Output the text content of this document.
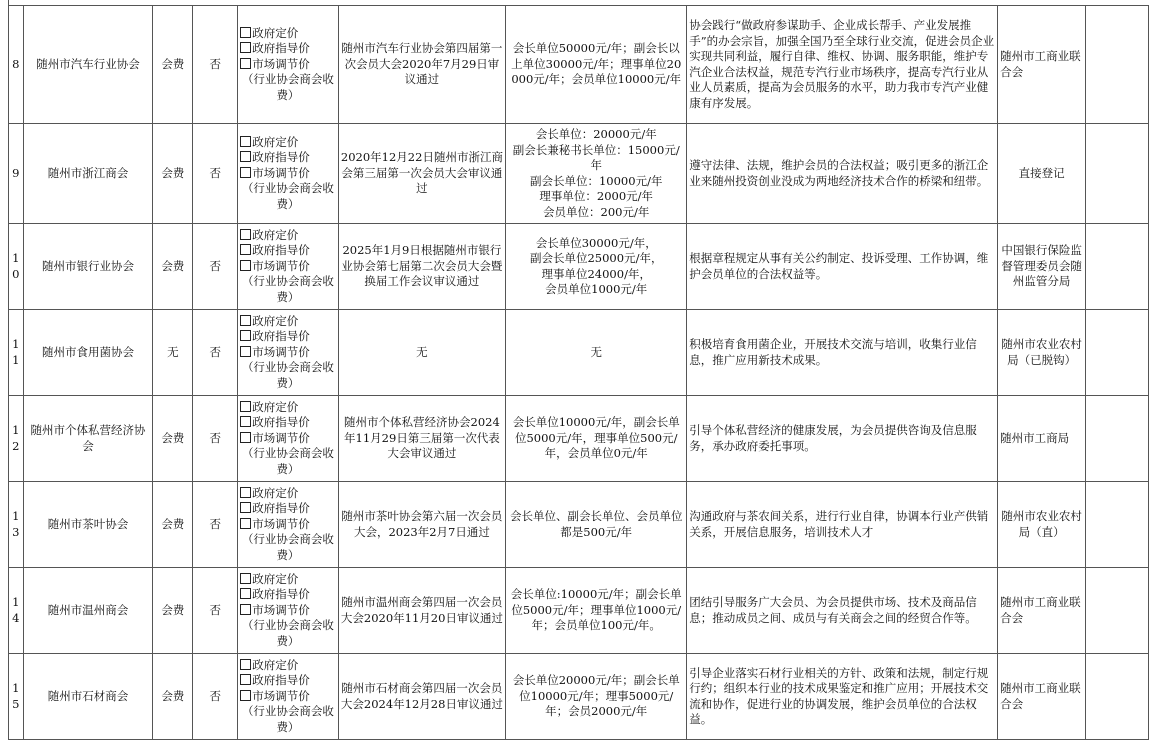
8	随州市汽车行业协会	会费	否	政府定价
政府指导价
市场调节价
（行业协会商会收费）	随州市汽车行业协会第四届第一次会员大会2020年7月29日审议通过	会长单位50000元/年；副会长以上单位30000元/年；理事单位20000元/年；会员单位10000元/年	协会践行“做政府参谋助手、企业成长帮手、产业发展推手”的办会宗旨，加强全国乃至全球行业交流，促进会员企业实现共同利益，履行自律、维权、协调、服务职能，维护专汽企业合法权益，规范专汽行业市场秩序，提高专汽行业从业人员素质，提高为会员服务的水平，助力我市专汽产业健康有序发展。	随州市工商业联合会	
9	随州市浙江商会	会费	否	政府定价
政府指导价
市场调节价
（行业协会商会收费）	2020年12月22日随州市浙江商会第三届第一次会员大会审议通过	会长单位：20000元/年
副会长兼秘书长单位：15000元/年
副会长单位：10000元/年
理事单位：2000元/年
会员单位：200元/年	遵守法律、法规，维护会员的合法权益；吸引更多的浙江企业来随州投资创业没成为两地经济技术合作的桥梁和纽带。	直接登记	
10	随州市银行业协会	会费	否	政府定价
政府指导价
市场调节价
（行业协会商会收费）	2025年1月9日根据随州市银行业协会第七届第二次会员大会暨换届工作会议审议通过	会长单位30000元/年，
副会长单位25000元/年，
理事单位24000/年，
会员单位1000元/年	根据章程规定从事有关公约制定、投诉受理、工作协调，维护会员单位的合法权益等。	中国银行保险监督管理委员会随州监管分局	
11	随州市食用菌协会	无	否	政府定价
政府指导价
市场调节价
（行业协会商会收费）	无	无	积极培育食用菌企业，开展技术交流与培训，收集行业信息，推广应用新技术成果。	随州市农业农村局（已脱钩）	
12	随州市个体私营经济协会	会费	否	政府定价
政府指导价
市场调节价
（行业协会商会收费）	随州市个体私营经济协会2024年11月29日第三届第一次代表大会审议通过	会长单位10000元/年，副会长单位5000元/年，理事单位500元/年，会员单位0元/年	引导个体私营经济的健康发展，为会员提供咨询及信息服务，承办政府委托事项。	随州市工商局	
13	随州市茶叶协会	会费	否	政府定价
政府指导价
市场调节价
（行业协会商会收费）	随州市茶叶协会第六届一次会员大会，2023年2月7日通过	会长单位、副会长单位、会员单位都是500元/年	沟通政府与茶农间关系，进行行业自律，协调本行业产供销关系，开展信息服务，培训技术人才	随州市农业农村局（直）	
14	随州市温州商会	会费	否	政府定价
政府指导价
市场调节价
（行业协会商会收费）	随州市温州商会第四届一次会员大会2020年11月20日审议通过	会长单位:10000元/年；副会长单位5000元/年；理事单位1000元/年；会员单位100元/年。	团结引导服务广大会员、为会员提供市场、技术及商品信息；推动成员之间、成员与有关商会之间的经贸合作等。	随州市工商业联合会	
15	随州市石材商会	会费	否	政府定价
政府指导价
市场调节价
（行业协会商会收费）	随州市石材商会第四届一次会员大会2024年12月28日审议通过	会长单位20000元/年；副会长单位10000元/年；理事5000元/年；会员2000元/年	引导企业落实石材行业相关的方针、政策和法规，制定行规行约；组织本行业的技术成果鉴定和推广应用；开展技术交流和协作，促进行业的协调发展，维护会员单位的合法权益。	随州市工商业联合会	
